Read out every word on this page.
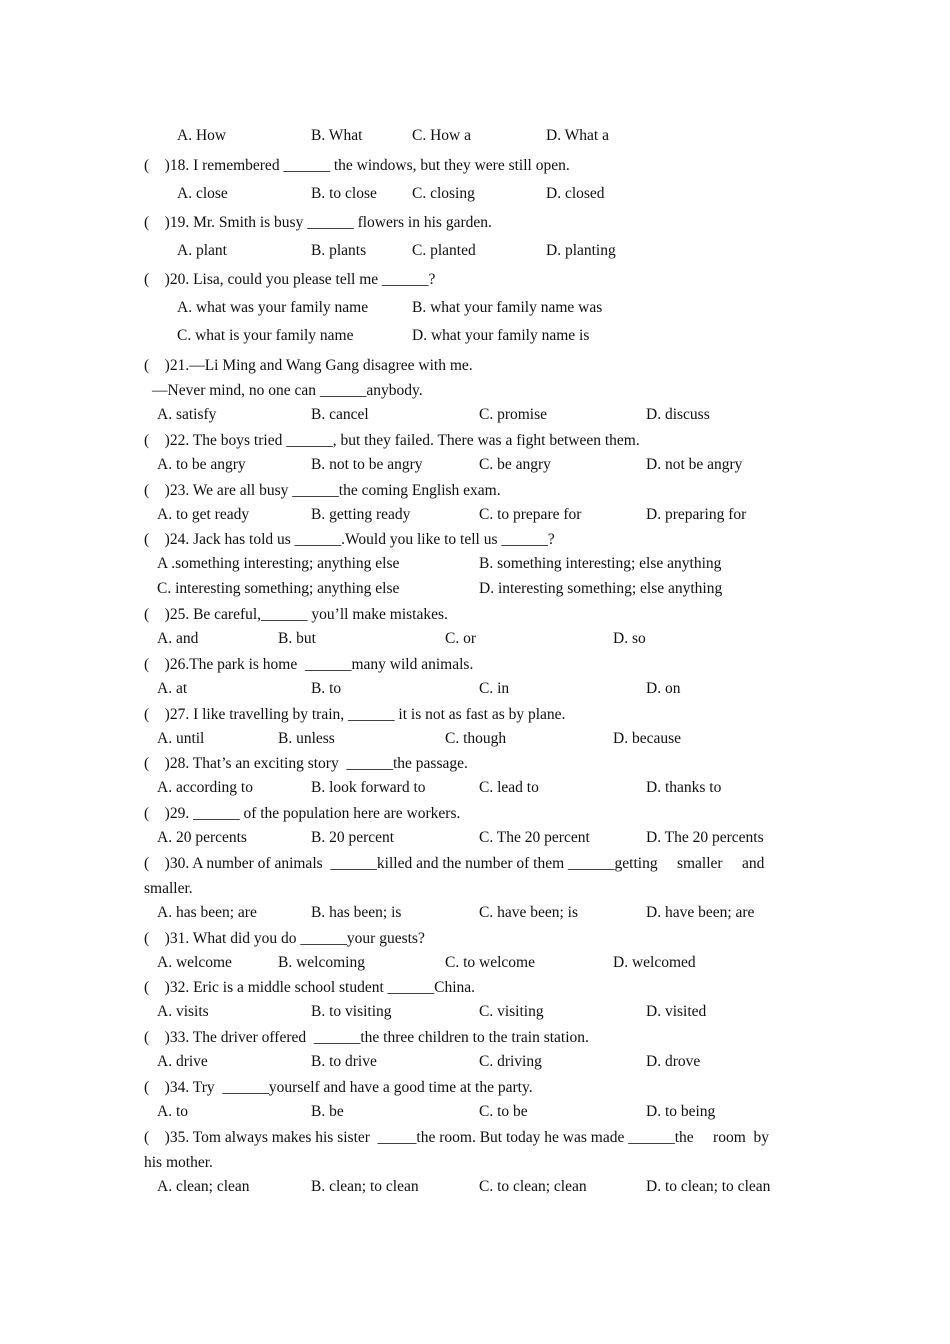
A. How	B. What	C. How a	D. What a
(    )18. I remembered ______ the windows, but they were still open.
A. close	B. to close C. closing	D. closed
(    )19. Mr. Smith is busy ______ flowers in his garden.
A. plant	B. plants	C. planted	D. planting
(    )20. Lisa, could you please tell me ______?
A. what was your family name	B. what your family name was
C. what is your family name	D. what your family name is
(    )21.—Li Ming and Wang Gang disagree with me.
—Never mind, no one can ______anybody.
A. satisfy	B. cancel	C. promise	D. discuss
(    )22. The boys tried ______, but they failed. There was a fight between them.
A. to be angry	B. not to be angry	C. be angry	D. not be angry
(    )23. We are all busy ______the coming English exam.
A. to get ready	B. getting ready	C. to prepare for	D. preparing for
(    )24. Jack has told us ______.Would you like to tell us ______?
A .something interesting; anything else	B. something interesting; else anything
C. interesting something; anything else	D. interesting something; else anything
(    )25. Be careful,______ you’ll make mistakes.
A. and	B. but	C. or	D. so
(    )26.The park is home  ______many wild animals.
A. at	B. to	C. in	D. on
(    )27. I like travelling by train, ______ it is not as fast as by plane.
A. until	B. unless	C. though	D. because
(    )28. That’s an exciting story  ______the passage.
A. according to	B. look forward to	C. lead to	D. thanks to
(    )29. ______ of the population here are workers.
A. 20 percents	B. 20 percent	C. The 20 percent	D. The 20 percents
(    )30. A number of animals  ______killed and the number of them ______getting     smaller     and
smaller.
A. has been; are	B. has been; is	C. have been; is	D. have been; are
(    )31. What did you do ______your guests?
A. welcome	B. welcoming	C. to welcome	D. welcomed
(    )32. Eric is a middle school student ______China.
A. visits	B. to visiting	C. visiting	D. visited
(    )33. The driver offered  ______the three children to the train station.
A. drive	B. to drive	C. driving	D. drove
(    )34. Try  ______yourself and have a good time at the party.
A. to	B. be	C. to be	D. to being
(    )35. Tom always makes his sister  _____the room. But today he was made ______the     room  by
his mother.
A. clean; clean	B. clean; to clean	C. to clean; clean	D. to clean; to clean
